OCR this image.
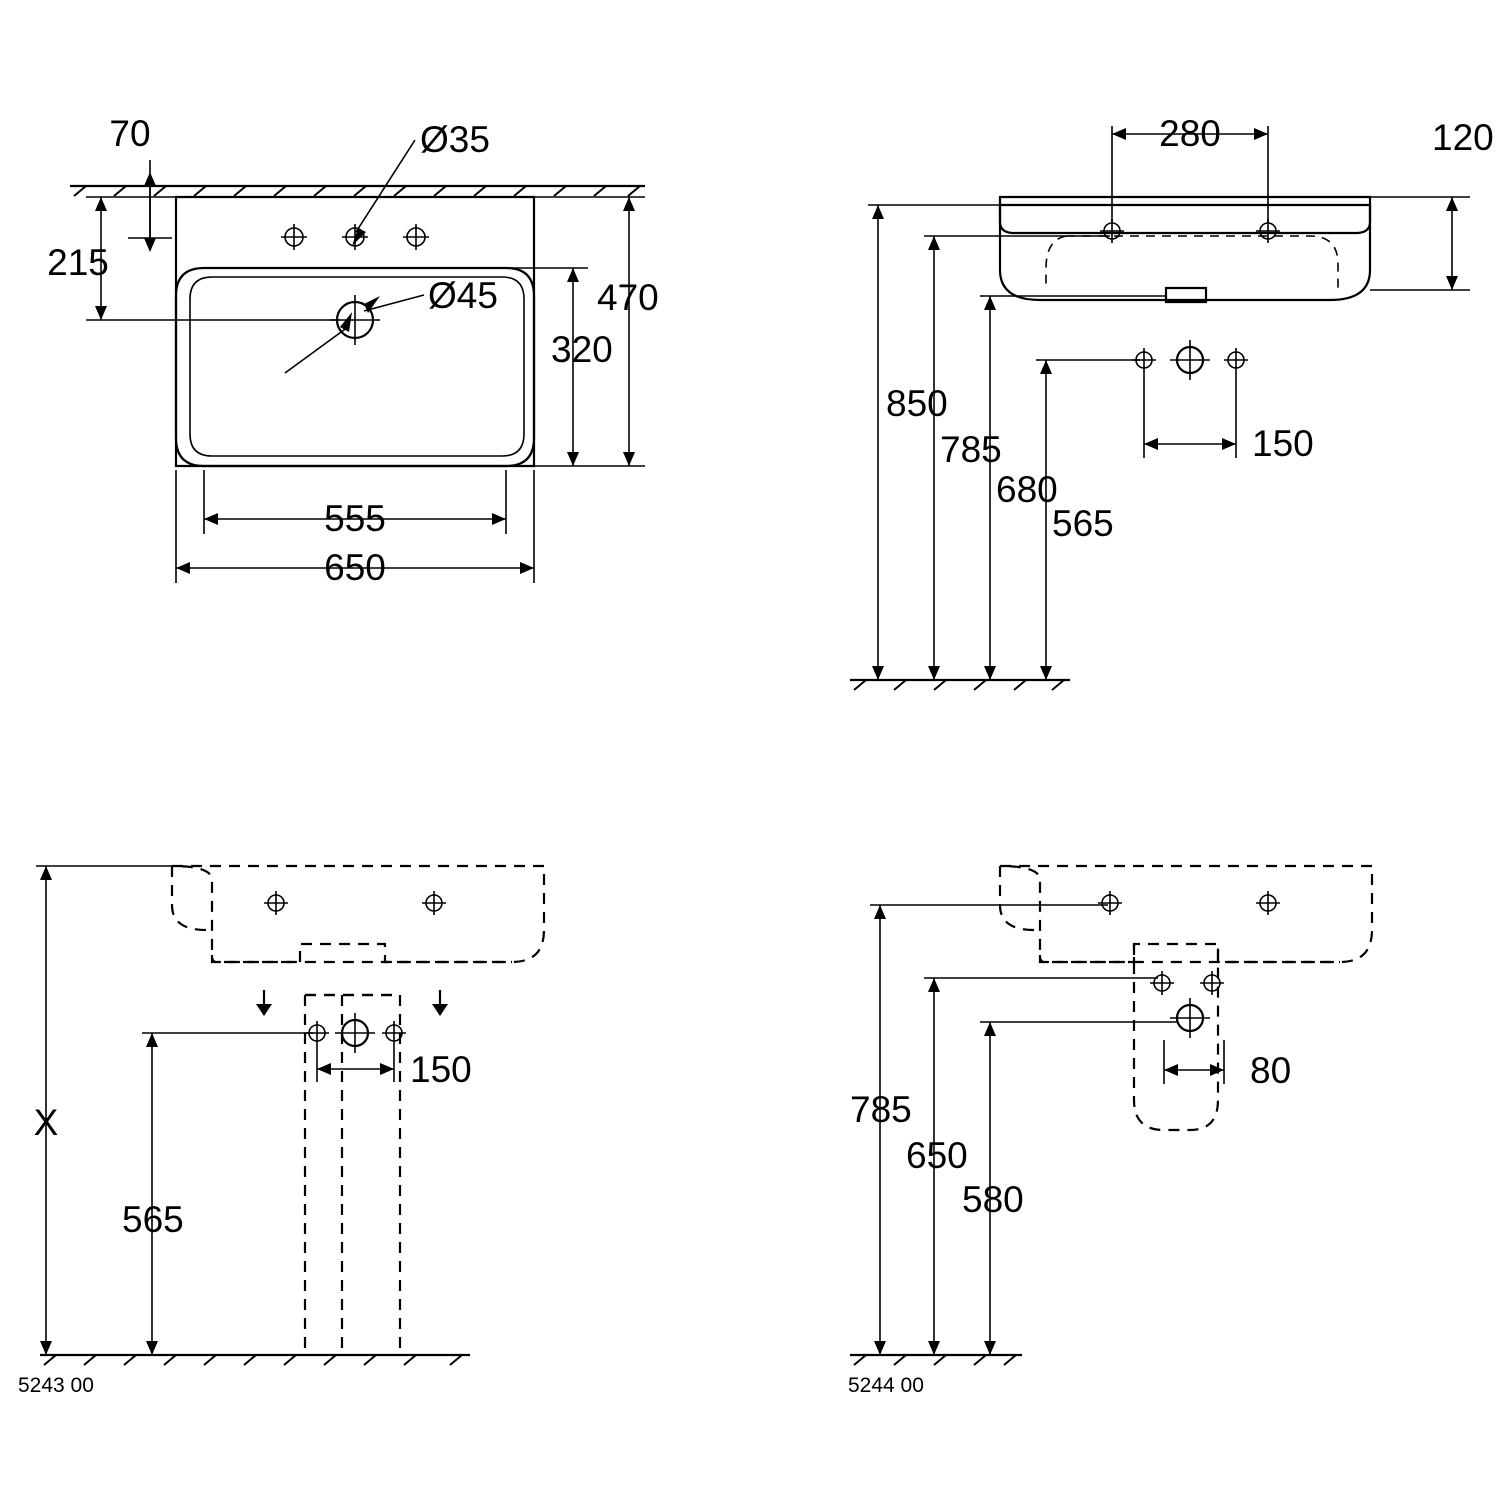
70
215
Ø35
Ø45	470
320
555
650
280	120
850
785
680
565
150
150
X
565
5243 00
80
785
650
580
5244 00
